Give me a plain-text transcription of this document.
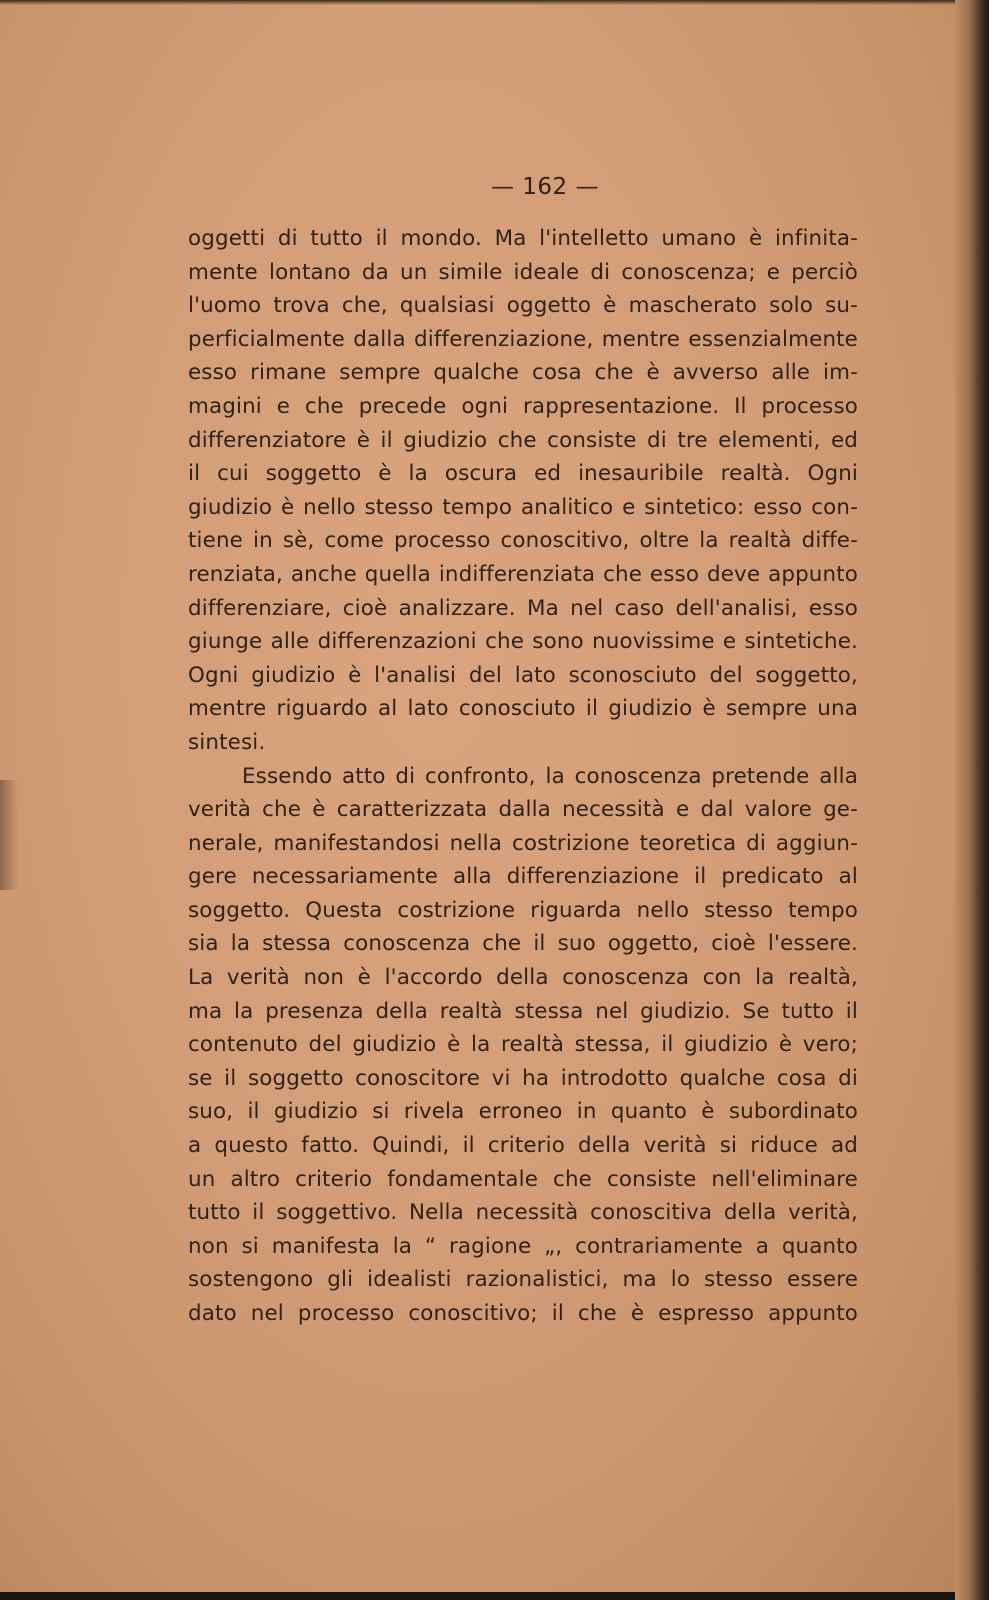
— 162 —
oggetti di tutto il mondo. Ma l'intelletto umano è infinita-
mente lontano da un simile ideale di conoscenza; e perciò
l'uomo trova che, qualsiasi oggetto è mascherato solo su-
perficialmente dalla differenziazione, mentre essenzialmente
esso rimane sempre qualche cosa che è avverso alle im-
magini e che precede ogni rappresentazione. Il processo
differenziatore è il giudizio che consiste di tre elementi, ed
il cui soggetto è la oscura ed inesauribile realtà. Ogni
giudizio è nello stesso tempo analitico e sintetico: esso con-
tiene in sè, come processo conoscitivo, oltre la realtà diffe-
renziata, anche quella indifferenziata che esso deve appunto
differenziare, cioè analizzare. Ma nel caso dell'analisi, esso
giunge alle differenzazioni che sono nuovissime e sintetiche.
Ogni giudizio è l'analisi del lato sconosciuto del soggetto,
mentre riguardo al lato conosciuto il giudizio è sempre una
sintesi.
Essendo atto di confronto, la conoscenza pretende alla
verità che è caratterizzata dalla necessità e dal valore ge-
nerale, manifestandosi nella costrizione teoretica di aggiun-
gere necessariamente alla differenziazione il predicato al
soggetto. Questa costrizione riguarda nello stesso tempo
sia la stessa conoscenza che il suo oggetto, cioè l'essere.
La verità non è l'accordo della conoscenza con la realtà,
ma la presenza della realtà stessa nel giudizio. Se tutto il
contenuto del giudizio è la realtà stessa, il giudizio è vero;
se il soggetto conoscitore vi ha introdotto qualche cosa di
suo, il giudizio si rivela erroneo in quanto è subordinato
a questo fatto. Quindi, il criterio della verità si riduce ad
un altro criterio fondamentale che consiste nell'eliminare
tutto il soggettivo. Nella necessità conoscitiva della verità,
non si manifesta la “ ragione „, contrariamente a quanto
sostengono gli idealisti razionalistici, ma lo stesso essere
dato nel processo conoscitivo; il che è espresso appunto
